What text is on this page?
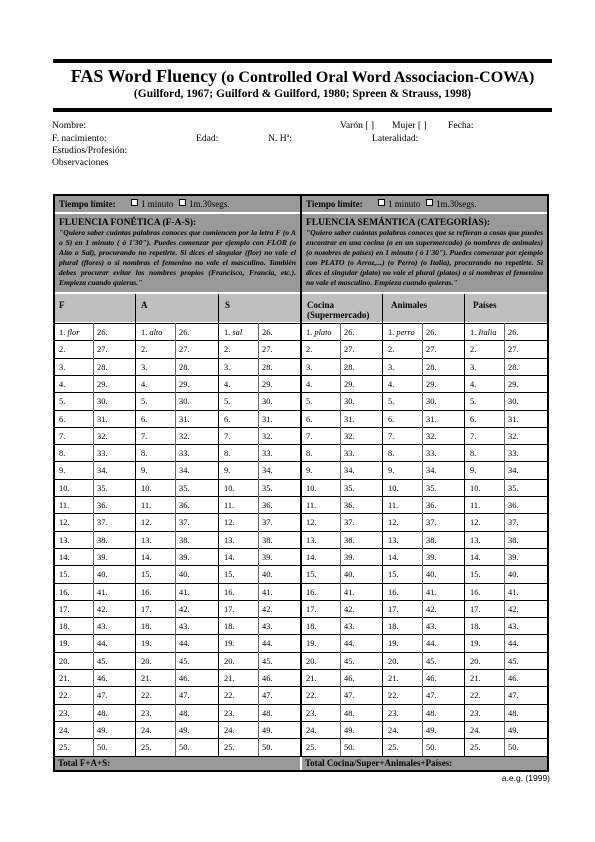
FAS Word Fluency (o Controlled Oral Word Associacion-COWA)
(Guilford, 1967; Guilford & Guilford, 1980; Spreen & Strauss, 1998)
Nombre:	Varón [ ] Mujer [ ] Fecha:
F. nacimiento:	Edad:	N. Hª:	Lateralidad:
Estudios/Profesión:
Observaciones
Tiempo límite:	1 minuto	1m.30segs.	Tiempo límite:	1 minuto	1m.30segs.
FLUENCIA FONÉTICA (F-A-S):
"Quiero saber cuántas palabras conoces que comiencen por la letra F (o A o S) en 1 minuto ( ó 1'30"). Puedes comenzar por ejemplo con FLOR (o Alto o Sal), procurando no repetirte. Si dices el singular (flor) no vale el plural (flores) o si nombras el femenino no vale el masculino. También debes procurar evitar los nombres propios (Francisco, Francia, etc.). Empieza cuando quieras."
FLUENCIA SEMÁNTICA (CATEGORÍAS):
"Quiero saber cuántas palabras conoces que se refieran a cosas que puedes encontrar en una cocina (o en un supermercado) (o nombres de animales) (o nombres de países) en 1 minuto ( ó 1'30"). Puedes comenzar por ejemplo con PLATO (o Arroz,...) (o Perro) (o Italia), procurando no repetirte. Si dices el singular (plato) no vale el plural (platos) o si nombras el femenino no vale el masculino. Empieza cuando quieras."
F	A	S	Cocina
(Supermercado)
Animales	Países
1. flor 26.	1. alto 26.	1. sal 26.	1. plato 26.	1. perro 26.	1. Italia 26.
2.	27.	2.	27.	2.	27.	2.	27.	2.	27.	2.	27.
3.	28.	3.	28.	3.	28.	3.	28.	3.	28.	3.	28.
4.	29.	4.	29.	4.	29.	4.	29.	4.	29.	4.	29.
5.	30.	5.	30.	5.	30.	5.	30.	5.	30.	5.	30.
6.	31.	6.	31.	6.	31.	6.	31.	6.	31.	6.	31.
7.	32.	7.	32.	7.	32.	7.	32.	7.	32.	7.	32.
8.	33.	8.	33.	8.	33.	8.	33.	8.	33.	8.	33.
9.	34.	9.	34.	9.	34.	9.	34.	9.	34.	9.	34.
10.	35.	10.	35.	10.	35.	10.	35.	10.	35.	10.	35.
11.	36.	11.	36.	11.	36.	11.	36.	11.	36.	11.	36.
12.	37.	12.	37.	12.	37.	12.	37.	12.	37.	12.	37.
13.	38.	13.	38.	13.	38.	13.	38.	13.	38.	13.	38.
14.	39.	14.	39.	14.	39.	14.	39.	14.	39.	14.	39.
15.	40.	15.	40.	15.	40.	15.	40.	15.	40.	15.	40.
16.	41.	16.	41.	16.	41.	16.	41.	16.	41.	16.	41.
17.	42.	17.	42.	17.	42.	17.	42.	17.	42.	17.	42.
18.	43.	18.	43.	18.	43.	18.	43.	18.	43.	18.	43.
19.	44.	19.	44.	19.	44.	19.	44.	19.	44.	19.	44.
20.	45.	20.	45.	20.	45.	20.	45.	20.	45.	20.	45.
21.	46.	21.	46.	21.	46.	21.	46.	21.	46.	21.	46.
22.	47.	22.	47.	22.	47.	22.	47.	22.	47.	22.	47.
23.	48.	23.	48.	23.	48.	23.	48.	23.	48.	23.	48.
24.	49.	24.	49.	24.	49.	24.	49.	24.	49.	24.	49.
25.	50.	25.	50.	25.	50.	25.	50.	25.	50.	25.	50.
Total F+A+S:	Total Cocina/Super+Animales+Países:
a.e.g. (1999)
